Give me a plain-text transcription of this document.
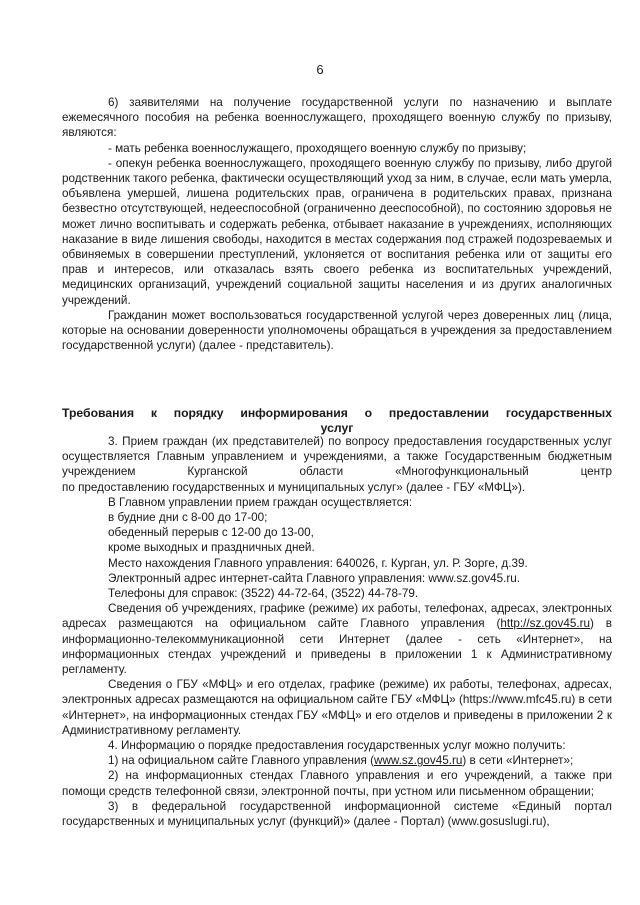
6

6) заявителями на получение государственной услуги по назначению и выплате ежемесячного пособия на ребенка военнослужащего, проходящего военную службу по призыву, являются:

- мать ребенка военнослужащего, проходящего военную службу по призыву;

- опекун ребенка военнослужащего, проходящего военную службу по призыву, либо другой родственник такого ребенка, фактически осуществляющий уход за ним, в случае, если мать умерла, объявлена умершей, лишена родительских прав, ограничена в родительских правах, признана безвестно отсутствующей, недееспособной (ограниченно дееспособной), по состоянию здоровья не может лично воспитывать и содержать ребенка, отбывает наказание в учреждениях, исполняющих наказание в виде лишения свободы, находится в местах содержания под стражей подозреваемых и обвиняемых в совершении преступлений, уклоняется от воспитания ребенка или от защиты его прав и интересов, или отказалась взять своего ребенка из воспитательных учреждений, медицинских организаций, учреждений социальной защиты населения и из других аналогичных учреждений.

Гражданин может воспользоваться государственной услугой через доверенных лиц (лица, которые на основании доверенности уполномочены обращаться в учреждения за предоставлением государственной услуги) (далее - представитель).

Требования к порядку информирования о предоставлении государственных
услуг

3. Прием граждан (их представителей) по вопросу предоставления государственных услуг осуществляется Главным управлением и учреждениями, а также Государственным бюджетным учреждением Курганской области «Многофункциональный центр

по предоставлению государственных и муниципальных услуг» (далее - ГБУ «МФЦ»).

В Главном управлении прием граждан осуществляется:

в будние дни с 8-00 до 17-00;

обеденный перерыв с 12-00 до 13-00,

кроме выходных и праздничных дней.

Место нахождения Главного управления: 640026, г. Курган, ул. Р. Зорге, д.39.

Электронный адрес интернет-сайта Главного управления: www.sz.gov45.ru.

Телефоны для справок: (3522) 44-72-64, (3522) 44-78-79.

Сведения об учреждениях, графике (режиме) их работы, телефонах, адресах, электронных адресах размещаются на официальном сайте Главного управления (http://sz.gov45.ru) в информационно-телекоммуникационной сети Интернет (далее - сеть «Интернет», на информационных стендах учреждений и приведены в приложении 1 к Административному регламенту.

Сведения о ГБУ «МФЦ» и его отделах, графике (режиме) их работы, телефонах, адресах, электронных адресах размещаются на официальном сайте ГБУ «МФЦ» (https://www.mfc45.ru) в сети «Интернет», на информационных стендах ГБУ «МФЦ» и его отделов и приведены в приложении 2 к Административному регламенту.

4. Информацию о порядке предоставления государственных услуг можно получить:

1) на официальном сайте Главного управления (www.sz.gov45.ru) в сети «Интернет»;

2) на информационных стендах Главного управления и его учреждений, а также при помощи средств телефонной связи, электронной почты, при устном или письменном обращении;

3) в федеральной государственной информационной системе «Единый портал государственных и муниципальных услуг (функций)» (далее - Портал) (www.gosuslugi.ru),
